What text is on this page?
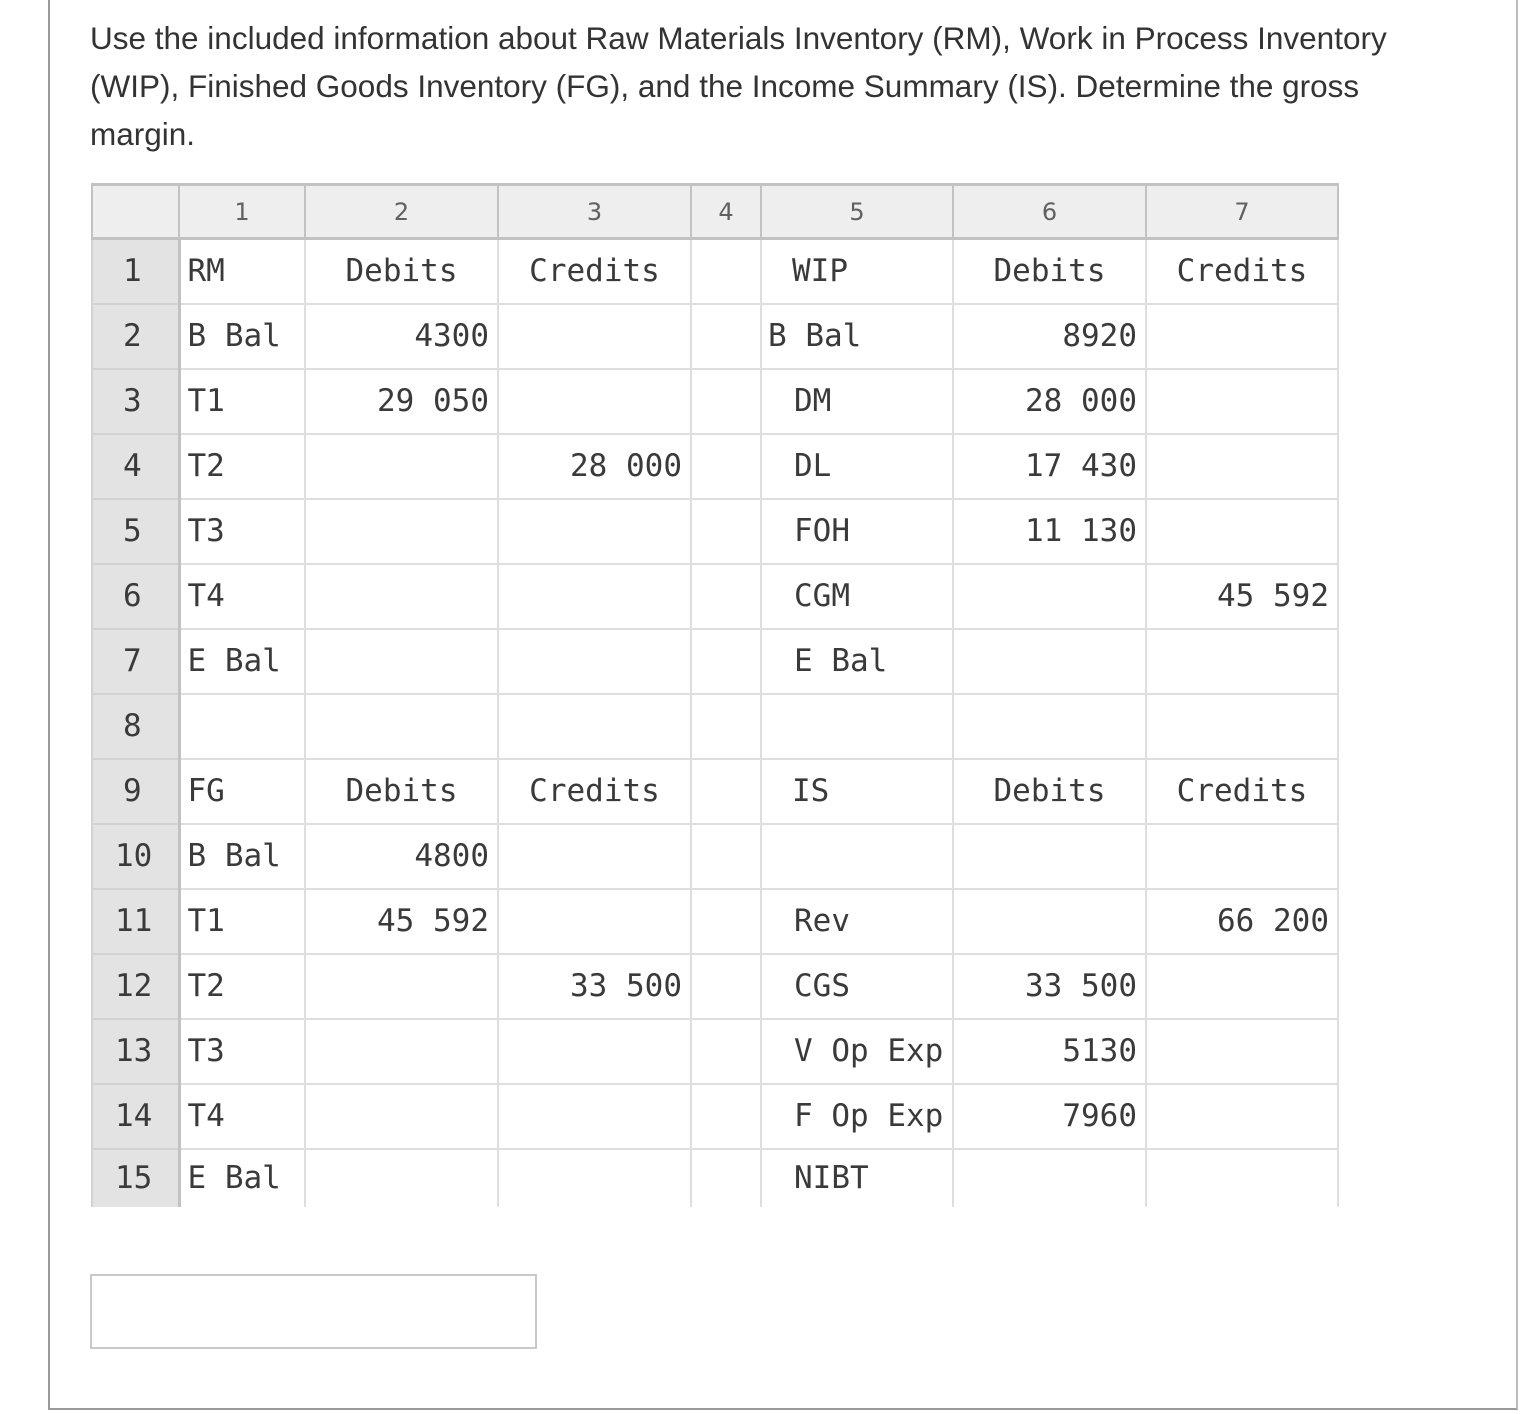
Use the included information about Raw Materials Inventory (RM), Work in Process Inventory (WIP), Finished Goods Inventory (FG), and the Income Summary (IS). Determine the gross margin.
	1	2	3	4	5	6	7
1	RM	Debits	Credits		WIP	Debits	Credits
2	B Bal	4300			B Bal	8920	
3	T1	29 050			DM	28 000	
4	T2		28 000		DL	17 430	
5	T3				FOH	11 130	
6	T4				CGM		45 592
7	E Bal				E Bal		
8							
9	FG	Debits	Credits		IS	Debits	Credits
10	B Bal	4800					
11	T1	45 592			Rev		66 200
12	T2		33 500		CGS	33 500	
13	T3				V Op Exp	5130	
14	T4				F Op Exp	7960	
15	E Bal				NIBT		
